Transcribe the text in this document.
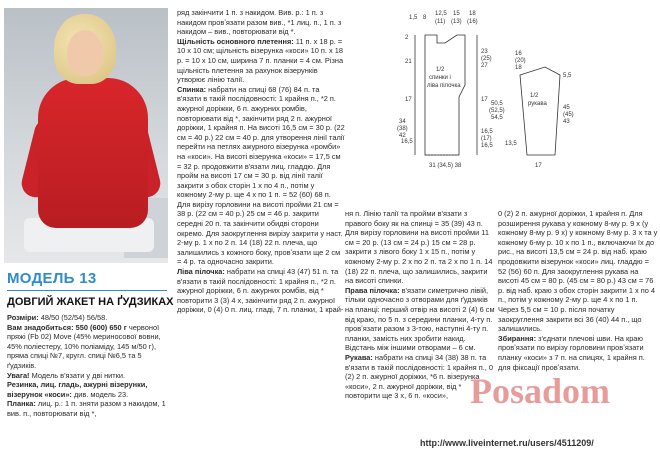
МОДЕЛЬ 13
ДОВГИЙ ЖАКЕТ НА ҐУДЗИКАХ

Розміри: 48/50 (52/54) 56/58.

Вам знадобиться: 550 (600) 650 г червоної пряжі (Fb 02) Move (45% мериносової вовни, 45% поліестеру, 10% поліаміду, 145 м/50 г), пряма спиці №7, кругл. спиці №6,5 та 5 ґудзиків.

Увага! Модель в'язати у дві нитки.

Резинка, лиц. гладь, ажурні візерунки, візерунок «коси»: див. модель 23.

Планка: лиц. р.: 1 п. зняти разом з накидом, 1 вив. п., повторювати від *,

ряд закінчити 1 п. з накидом. Вив. р.: 1 п. з накидом провʼязати разом вив., *1 лиц. п., 1 п. з накидом – вив., повторювати від *.

Щільність основного плетення: 11 п. x 18 р. = 10 x 10 см; щільність візерунка «коси» 10 п. x 18 р. = 10 x 10 см, ширина 7 п. планки = 4 см. Різна щільність плетення за рахунок візерунків утворює лінію талії.

Спинка: набрати на спиці 68 (76) 84 п. та в'язати в такій послідовності: 1 крайня п., *2 п. ажурної доріжки, 6 п. ажурних ромбів, повторювати від *, закінчити ряд 2 п. ажурної доріжки, 1 крайня п. На висоті 16,5 см = 30 р. (22 см = 40 р.) 22 см = 40 р. для утворення лінії талії перейти на петлях ажурного візерунка «ромби» на «коси». На висоті візерунка «коси» = 17,5 см = 32 р. продовжити в'язати лиц. гладдю. Для пройм на висоті 17 см = 30 р. від лінії талії закрити з обох сторін 1 x по 4 п., потім у кожному 2-му р. ще 4 x по 1 п. = 52 (60) 68 п. Для вирізу горловини на висоті пройми 21 см = 38 р. (22 см = 40 р.) 25 см = 46 р. закрити середні 20 п. та закінчити обидві сторони окремо. Для заокруглення вирізу закрити у наст. 2-му р. 1 x по 2 п. 14 (18) 22 п. плеча, що залишились з кожного боку, провʼязати ще 2 см = 4 р. та одночасно закрити.

Ліва пілочка: набрати на спиці 43 (47) 51 п. та в'язати в такій послідовності: 1 крайня п., *2 п. ажурної доріжки, 6 п. ажурних ромбів, від * повторити 3 (3) 4 x, закінчити ряд 2 п. ажурної доріжки, 0 (4) 0 п. лиц. гладі, 7 п. планки, 1 край-

ня п. Лінію талії та пройми в'язати з правого боку як на спинці = 35 (39) 43 п. Для вирізу горловини на висоті пройми 11 см = 20 р. (13 см = 24 р.) 15 см = 28 р. закрити з лівого боку 1 x 15 п., потім у кожному 2-му р. 2 x по 2 п. та 2 x по 1 п. 14 (18) 22 п. плеча, що залишились, закрити на висоті спинки.

Права пілочка: в'язати симетрично лівій, тільки одночасно з отворами для ґудзиків на планці: перший отвір на висоті 2 (4) 6 см від краю, по 5 п. з середини планки, 4-ту п. провʼязати разом з 3-тою, наступні 4-ту п. планки, замість них зробити накид. Відстань між іншими отворами – 6 см.

Рукава: набрати на спиці 34 (38) 38 п. та в'язати в такій послідовності: 1 крайня п., 0 (2) 2 п. ажурної доріжки, *6 п. візерунка «коси», 2 п. ажурної доріжки, від * повторити ще 3 x, 6 п. «коси»,

0 (2) 2 п. ажурної доріжки, 1 крайня п. Для розширення рукава у кожному 8-му р. 9 x (у кожному 8-му р. 9 x) у кожному 8-му р. 3 x та у кожному 6-му р. 10 x по 1 п., включаючи їх до рис., на висоті 13,5 см = 24 р. від наб. краю продовжити візерунок «коси» лиц. гладдю = 52 (56) 60 п. Для заокруглення рукава на висоті 45 см = 80 р. (45 см = 80 р.) 43 см = 76 р. від наб. краю з обох сторін закрити 1 x по 4 п., потім у кожному 2-му р. ще 4 x по 1 п. Через 5,5 см = 10 р. після початку заокруглення закрити всі 36 (40) 44 п., що залишились.

Збирання: з'єднати плечові шви. На краю провʼязати по вирізу горловини провʼязати планку «коси» з 7 п. на спицях, 1 крайня п. для фіксації провʼязати.

1/2
спинки і
ліва пілочка
1/2
рукава
1,5 8
12,5 15 18
(11) (13) (16)
2
21
17
16,5
23
(25)
27
16,5
(17)
17
16,5
34
(38)
42
50,5
(52,5)
54,5
31 (34,5) 38
16
(20)
18
5,5
45
(45)
43
13,5
17
Posadom
http://www.liveinternet.ru/users/4511209/
